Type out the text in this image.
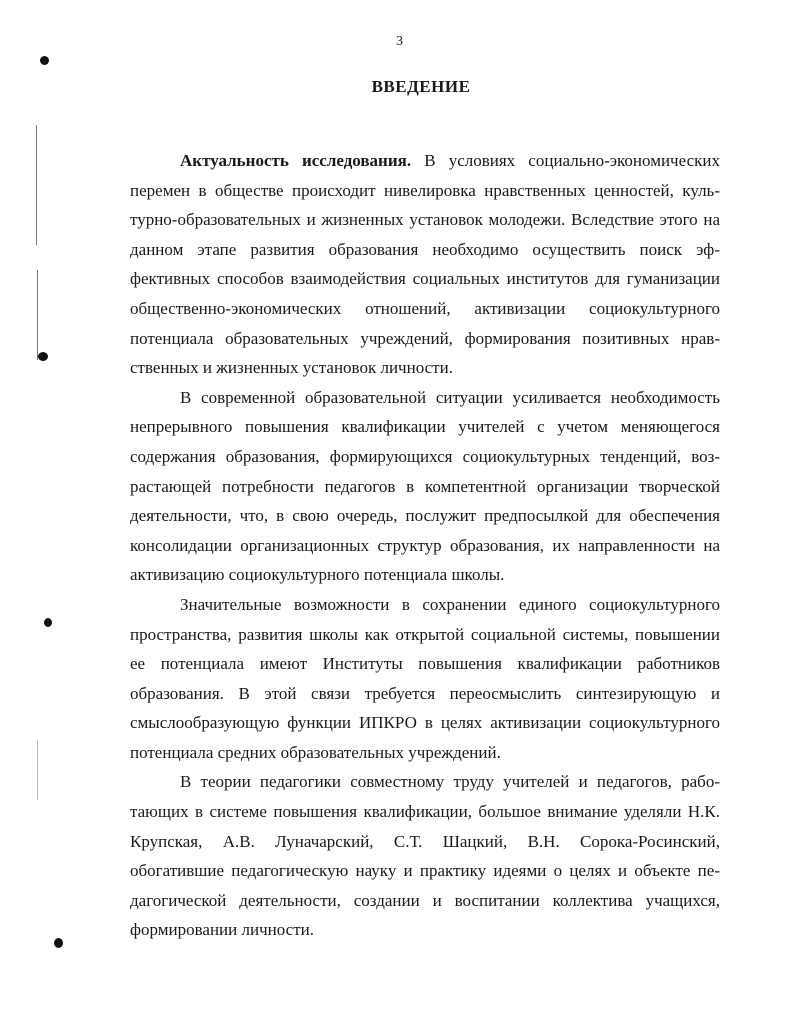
3
ВВЕДЕНИЕ

Актуальность исследования. В условиях социально-экономических перемен в обществе происходит нивелировка нравственных ценностей, культурно-образовательных и жизненных установок молодежи. Вследствие этого на данном этапе развития образования необходимо осуществить поиск эффективных способов взаимодействия социальных институтов для гуманизации общественно-экономических отношений, активизации социокультурного потенциала образовательных учреждений, формирования позитивных нравственных и жизненных установок личности.

В современной образовательной ситуации усиливается необходимость непрерывного повышения квалификации учителей с учетом меняющегося содержания образования, формирующихся социокультурных тенденций, возрастающей потребности педагогов в компетентной организации творческой деятельности, что, в свою очередь, послужит предпосылкой для обеспечения консолидации организационных структур образования, их направленности на активизацию социокультурного потенциала школы.

Значительные возможности в сохранении единого социокультурного пространства, развития школы как открытой социальной системы, повышении ее потенциала имеют Институты повышения квалификации работников образования. В этой связи требуется переосмыслить синтезирующую и смыслообразующую функции ИПКРО в целях активизации социокультурного потенциала средних образовательных учреждений.

В теории педагогики совместному труду учителей и педагогов, работающих в системе повышения квалификации, большое внимание уделяли Н.К. Крупская, А.В. Луначарский, С.Т. Шацкий, В.Н. Сорока-Росинский, обогатившие педагогическую науку и практику идеями о целях и объекте педагогической деятельности, создании и воспитании коллектива учащихся, формировании личности.
